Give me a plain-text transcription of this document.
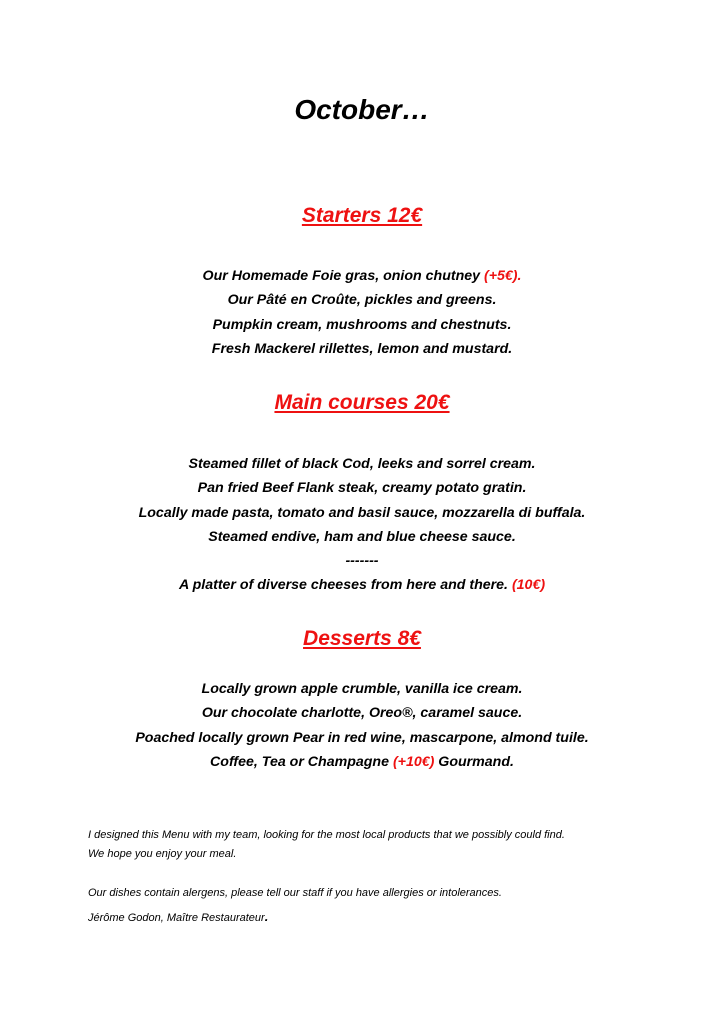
October…
Starters 12€
Our Homemade Foie gras, onion chutney (+5€).
Our Pâté en Croûte, pickles and greens.
Pumpkin cream, mushrooms and chestnuts.
Fresh Mackerel rillettes, lemon and mustard.
Main courses 20€
Steamed fillet of black Cod, leeks and sorrel cream.
Pan fried Beef Flank steak, creamy potato gratin.
Locally made pasta, tomato and basil sauce, mozzarella di buffala.
Steamed endive, ham and blue cheese sauce.
-------
A platter of diverse cheeses from here and there. (10€)
Desserts 8€
Locally grown apple crumble, vanilla ice cream.
Our chocolate charlotte, Oreo®, caramel sauce.
Poached locally grown Pear in red wine, mascarpone, almond tuile.
Coffee, Tea or Champagne (+10€) Gourmand.
I designed this Menu with my team, looking for the most local products that we possibly could find.
We hope you enjoy your meal.
Our dishes contain alergens, please tell our staff if you have allergies or intolerances.
Jérôme Godon, Maître Restaurateur.
